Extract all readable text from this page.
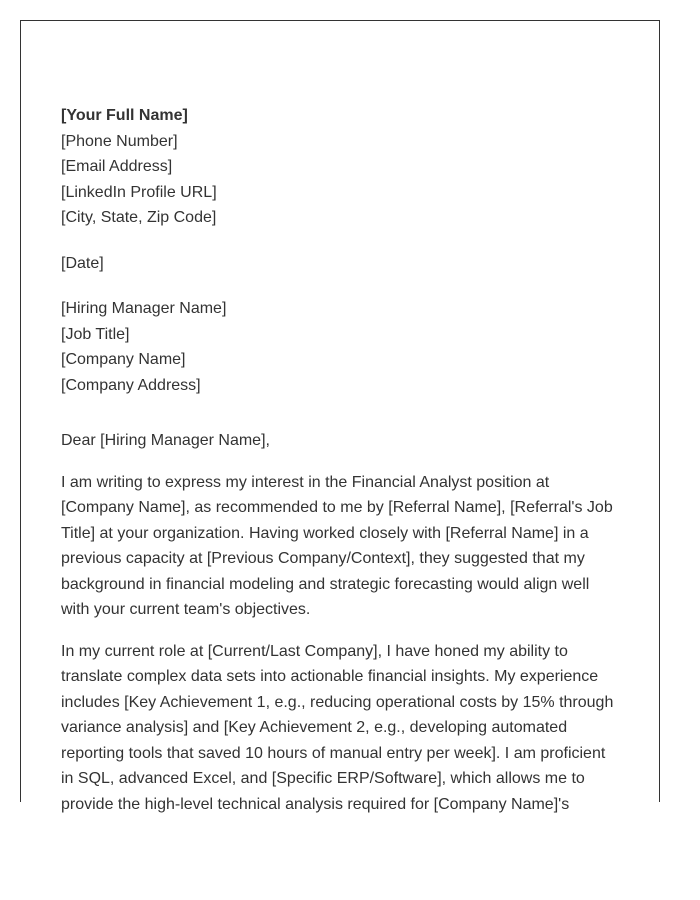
[Your Full Name]
[Phone Number]
[Email Address]
[LinkedIn Profile URL]
[City, State, Zip Code]
[Date]
[Hiring Manager Name]
[Job Title]
[Company Name]
[Company Address]
Dear [Hiring Manager Name],
I am writing to express my interest in the Financial Analyst position at [Company Name], as recommended to me by [Referral Name], [Referral's Job Title] at your organization. Having worked closely with [Referral Name] in a previous capacity at [Previous Company/Context], they suggested that my background in financial modeling and strategic forecasting would align well with your current team's objectives.
In my current role at [Current/Last Company], I have honed my ability to translate complex data sets into actionable financial insights. My experience includes [Key Achievement 1, e.g., reducing operational costs by 15% through variance analysis] and [Key Achievement 2, e.g., developing automated reporting tools that saved 10 hours of manual entry per week]. I am proficient in SQL, advanced Excel, and [Specific ERP/Software], which allows me to provide the high-level technical analysis required for [Company Name]'s
